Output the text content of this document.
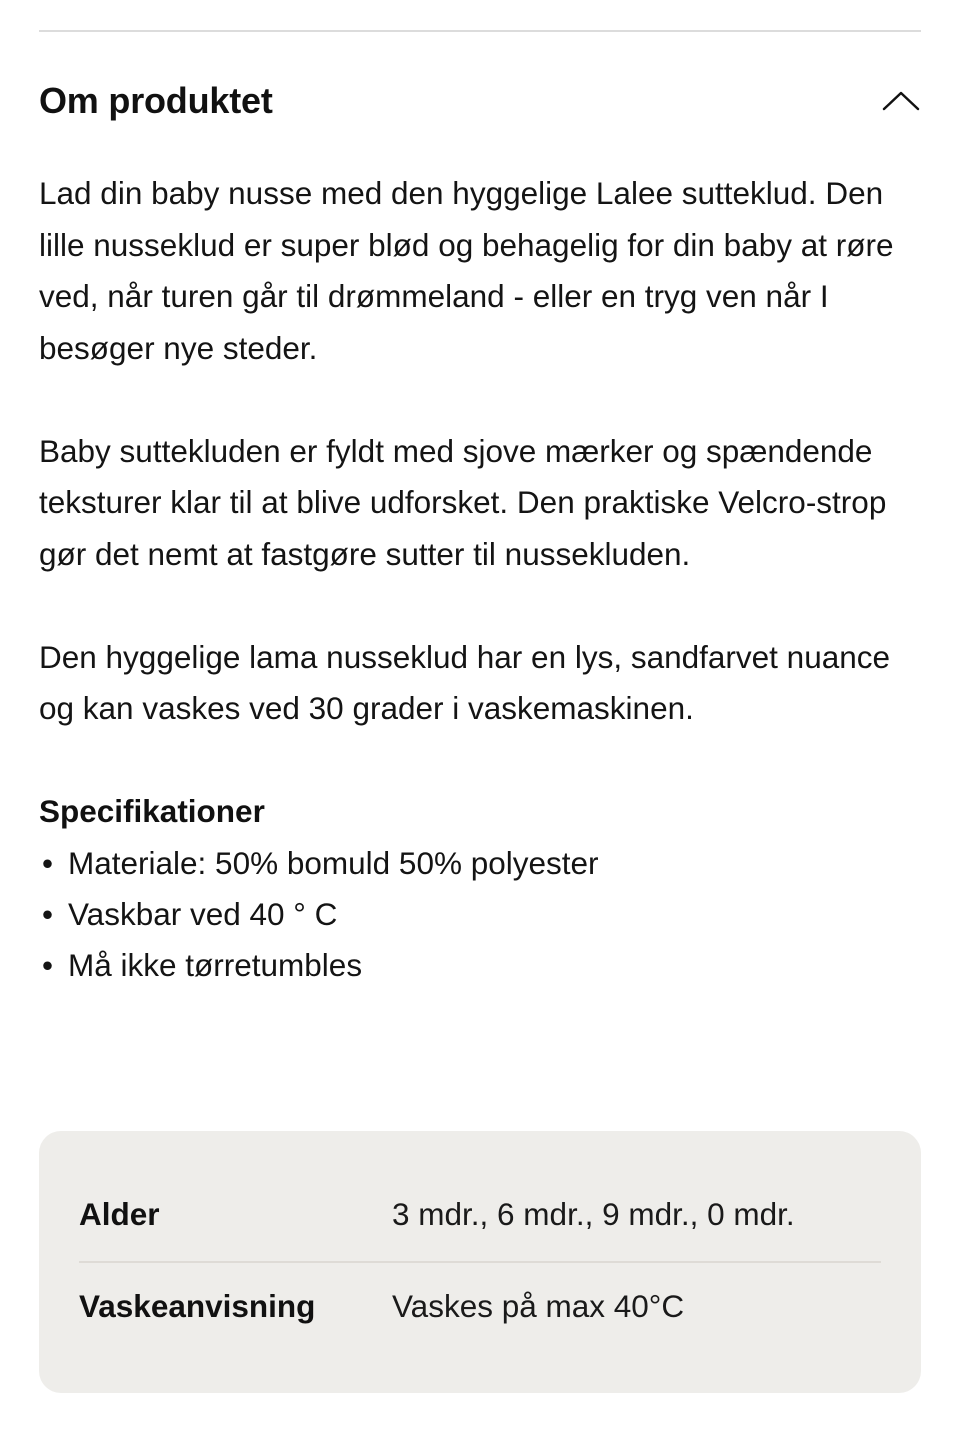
Om produktet

Lad din baby nusse med den hyggelige Lalee sutteklud. Den lille nusseklud er super blød og behagelig for din baby at røre ved, når turen går til drømmeland - eller en tryg ven når I besøger nye steder.

Baby suttekluden er fyldt med sjove mærker og spændende teksturer klar til at blive udforsket. Den praktiske Velcro-strop gør det nemt at fastgøre sutter til nussekluden.

Den hyggelige lama nusseklud har en lys, sandfarvet nuance og kan vaskes ved 30 grader i vaskemaskinen.

Specifikationer
• Materiale: 50% bomuld 50% polyester
• Vaskbar ved 40 ° C
• Må ikke tørretumbles
Alder	3 mdr., 6 mdr., 9 mdr., 0 mdr.
Vaskeanvisning	Vaskes på max 40°C
